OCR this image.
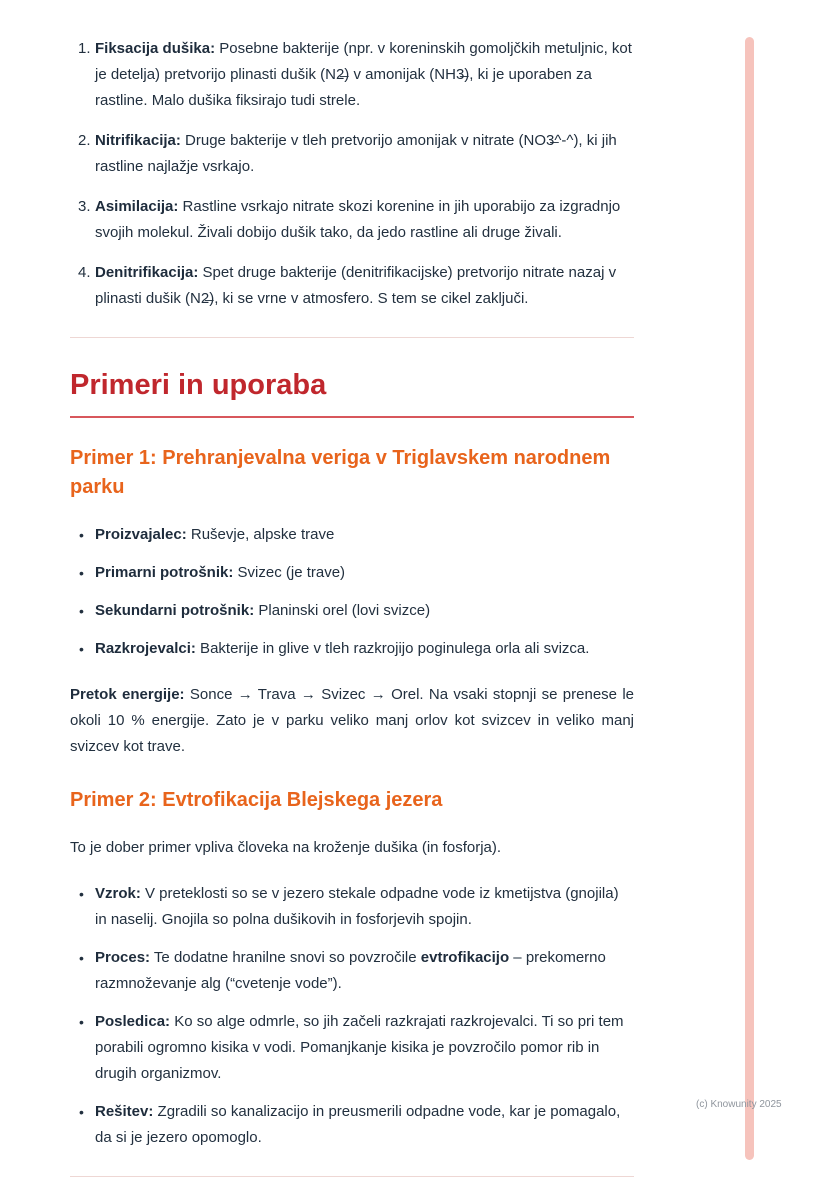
1. Fiksacija dušika: Posebne bakterije (npr. v koreninskih gomoljčkih metuljnic, kot je detelja) pretvorijo plinasti dušik (N2̶) v amonijak (NH3̶), ki je uporaben za rastline. Malo dušika fiksirajo tudi strele.

2. Nitrifikacija: Druge bakterije v tleh pretvorijo amonijak v nitrate (NO3̶^-^), ki jih rastline najlažje vsrkajo.

3. Asimilacija: Rastline vsrkajo nitrate skozi korenine in jih uporabijo za izgradnjo svojih molekul. Živali dobijo dušik tako, da jedo rastline ali druge živali.

4. Denitrifikacija: Spet druge bakterije (denitrifikacijske) pretvorijo nitrate nazaj v plinasti dušik (N2̶), ki se vrne v atmosfero. S tem se cikel zaključi.

Primeri in uporaba
Primer 1: Prehranjevalna veriga v Triglavskem narodnem parku
•

Proizvajalec: Ruševje, alpske trave

•

Primarni potrošnik: Svizec (je trave)

•

Sekundarni potrošnik: Planinski orel (lovi svizce)

•

Razkrojevalci: Bakterije in glive v tleh razkrojijo poginulega orla ali svizca.

Pretok energije: Sonce → Trava → Svizec → Orel. Na vsaki stopnji se prenese le okoli 10 % energije. Zato je v parku veliko manj orlov kot svizcev in veliko manj svizcev kot trave.

Primer 2: Evtrofikacija Blejskega jezera

To je dober primer vpliva človeka na kroženje dušika (in fosforja).

•

Vzrok: V preteklosti so se v jezero stekale odpadne vode iz kmetijstva (gnojila) in naselij. Gnojila so polna dušikovih in fosforjevih spojin.

•

Proces: Te dodatne hranilne snovi so povzročile evtrofikacijo – prekomerno razmnoževanje alg (“cvetenje vode”).

•

Posledica: Ko so alge odmrle, so jih začeli razkrajati razkrojevalci. Ti so pri tem porabili ogromno kisika v vodi. Pomanjkanje kisika je povzročilo pomor rib in drugih organizmov.

•

Rešitev: Zgradili so kanalizacijo in preusmerili odpadne vode, kar je pomagalo, da si je jezero opomoglo.

(c) Knowunity 2025
